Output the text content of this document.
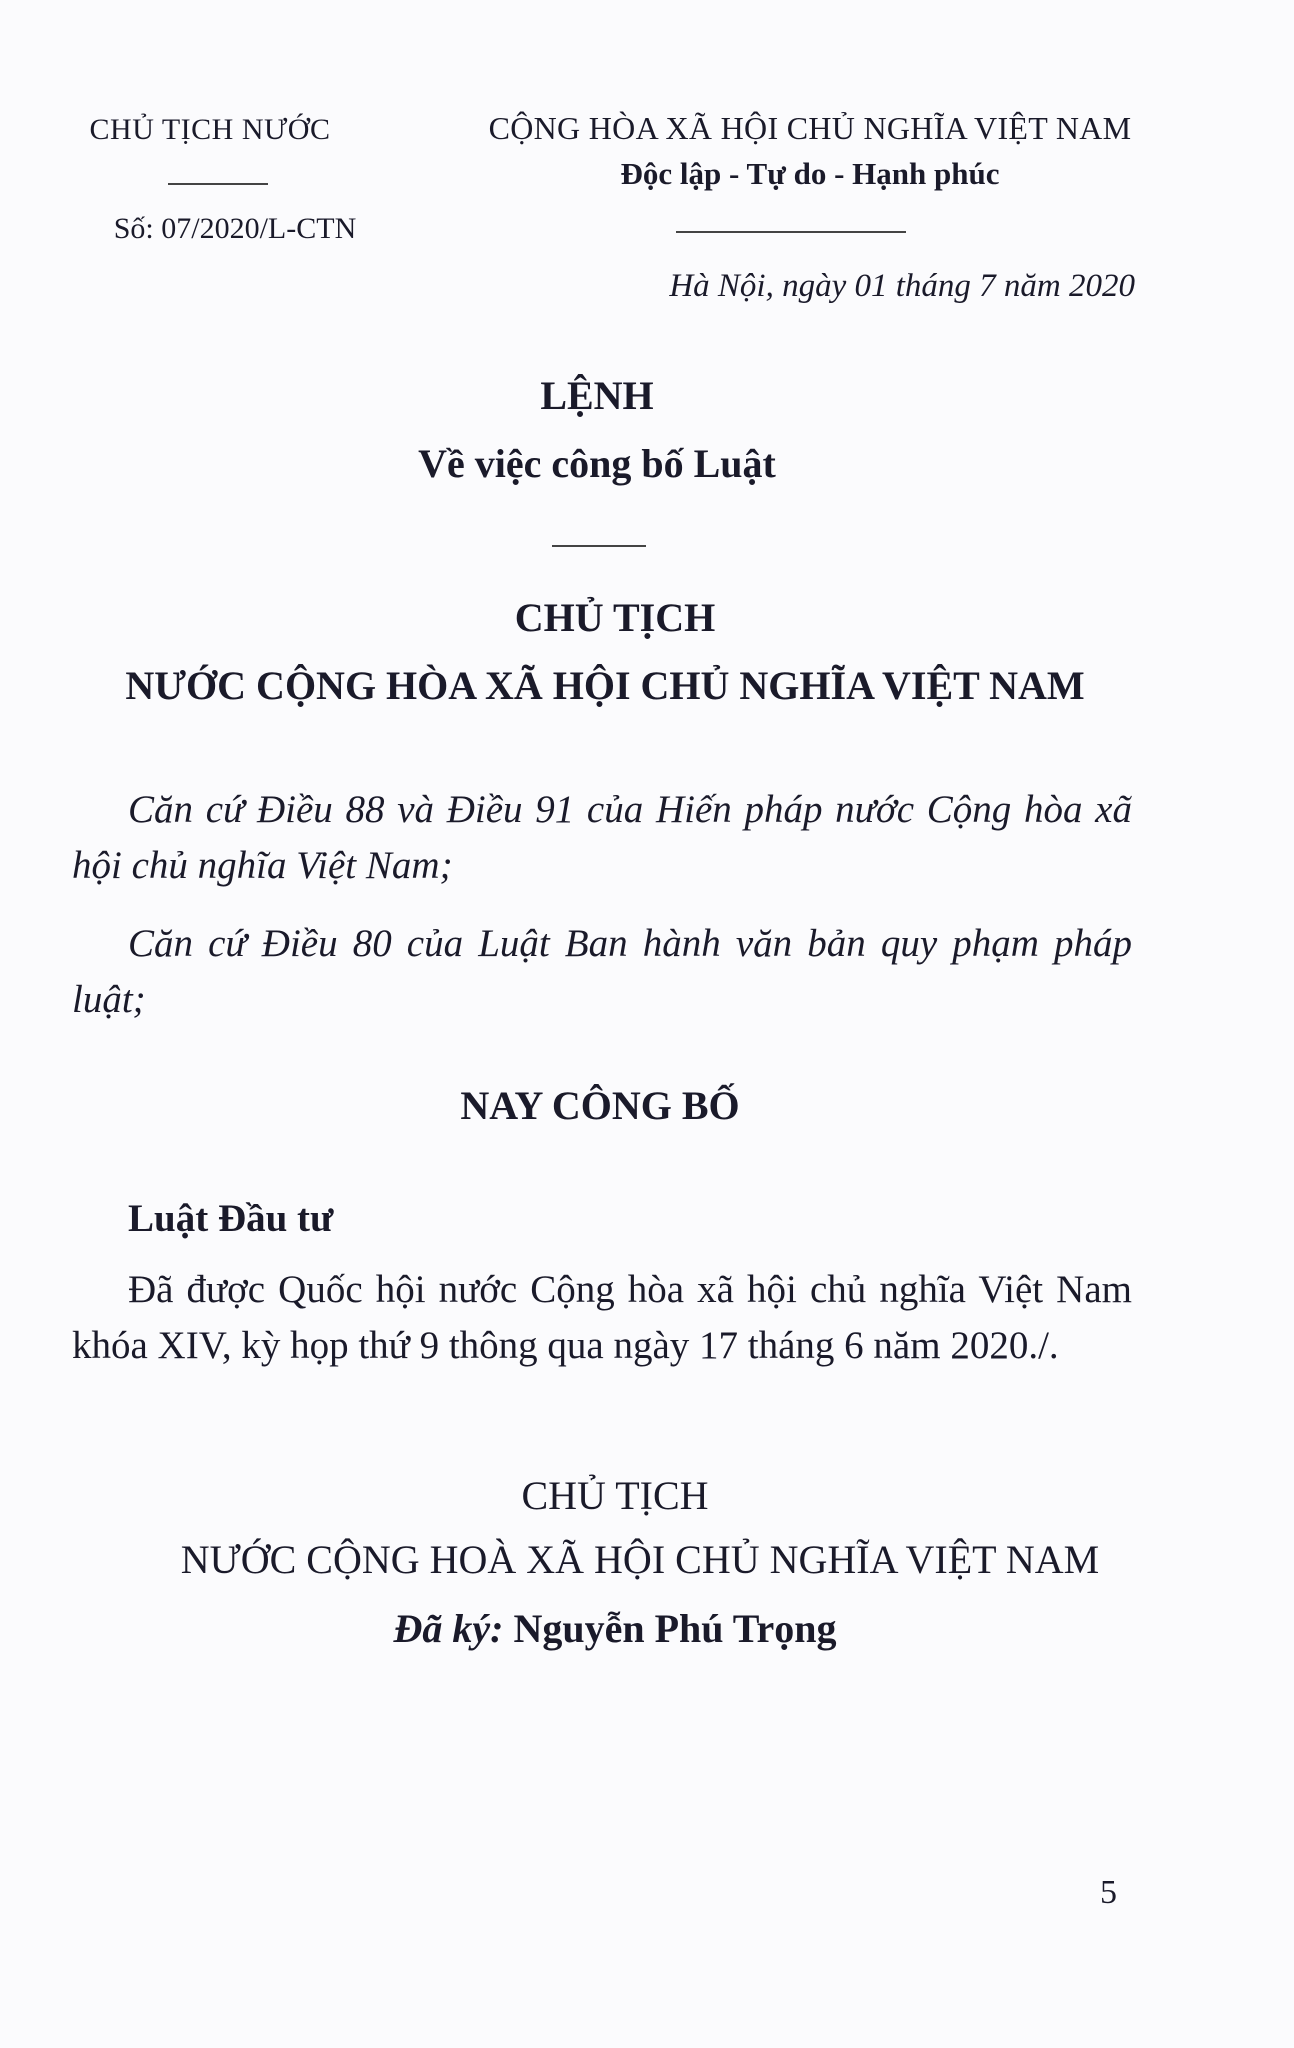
CHỦ TỊCH NƯỚC
Số: 07/2020/L-CTN
CỘNG HÒA XÃ HỘI CHỦ NGHĨA VIỆT NAM
Độc lập - Tự do - Hạnh phúc
Hà Nội, ngày 01 tháng 7 năm 2020
LỆNH
Về việc công bố Luật
CHỦ TỊCH
NƯỚC CỘNG HÒA XÃ HỘI CHỦ NGHĨA VIỆT NAM
Căn cứ Điều 88 và Điều 91 của Hiến pháp nước Cộng hòa xã hội chủ nghĩa Việt Nam;
Căn cứ Điều 80 của Luật Ban hành văn bản quy phạm pháp luật;
NAY CÔNG BỐ
Luật Đầu tư
Đã được Quốc hội nước Cộng hòa xã hội chủ nghĩa Việt Nam khóa XIV, kỳ họp thứ 9 thông qua ngày 17 tháng 6 năm 2020./.
CHỦ TỊCH
NƯỚC CỘNG HOÀ XÃ HỘI CHỦ NGHĨA VIỆT NAM
Đã ký: Nguyễn Phú Trọng
5
